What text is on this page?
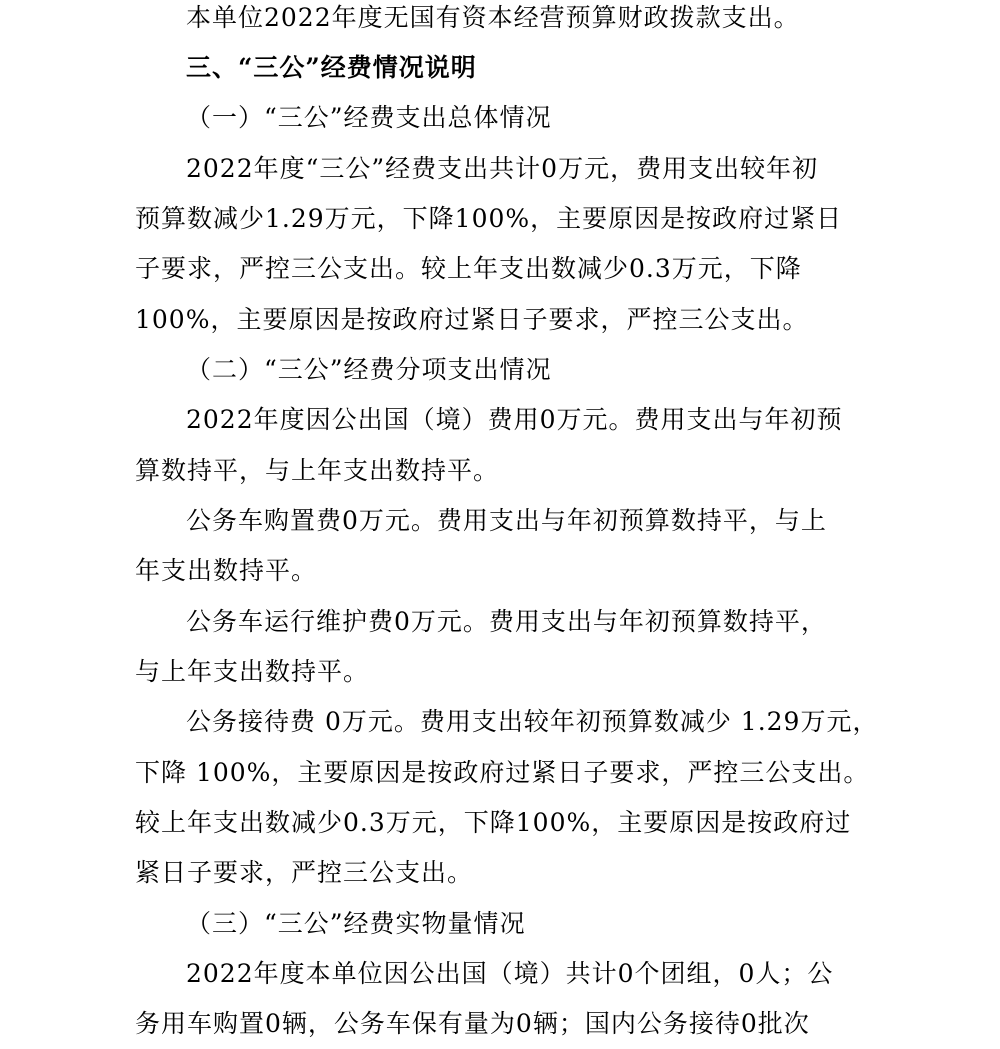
本单位2022年度无国有资本经营预算财政拨款支出。
三、“三公”经费情况说明
（一）“三公”经费支出总体情况
2022年度“三公”经费支出共计0万元，费用支出较年初
预算数减少1.29万元，下降100%，主要原因是按政府过紧日
子要求，严控三公支出。较上年支出数减少0.3万元，下降
100%，主要原因是按政府过紧日子要求，严控三公支出。
（二）“三公”经费分项支出情况
2022年度因公出国（境）费用0万元。费用支出与年初预
算数持平，与上年支出数持平。
公务车购置费0万元。费用支出与年初预算数持平，与上
年支出数持平。
公务车运行维护费0万元。费用支出与年初预算数持平，
与上年支出数持平。
公务接待费 0万元。费用支出较年初预算数减少 1.29万元，
下降 100%，主要原因是按政府过紧日子要求，严控三公支出。
较上年支出数减少0.3万元，下降100%，主要原因是按政府过
紧日子要求，严控三公支出。
（三）“三公”经费实物量情况
2022年度本单位因公出国（境）共计0个团组，0人；公
务用车购置0辆，公务车保有量为0辆；国内公务接待0批次
